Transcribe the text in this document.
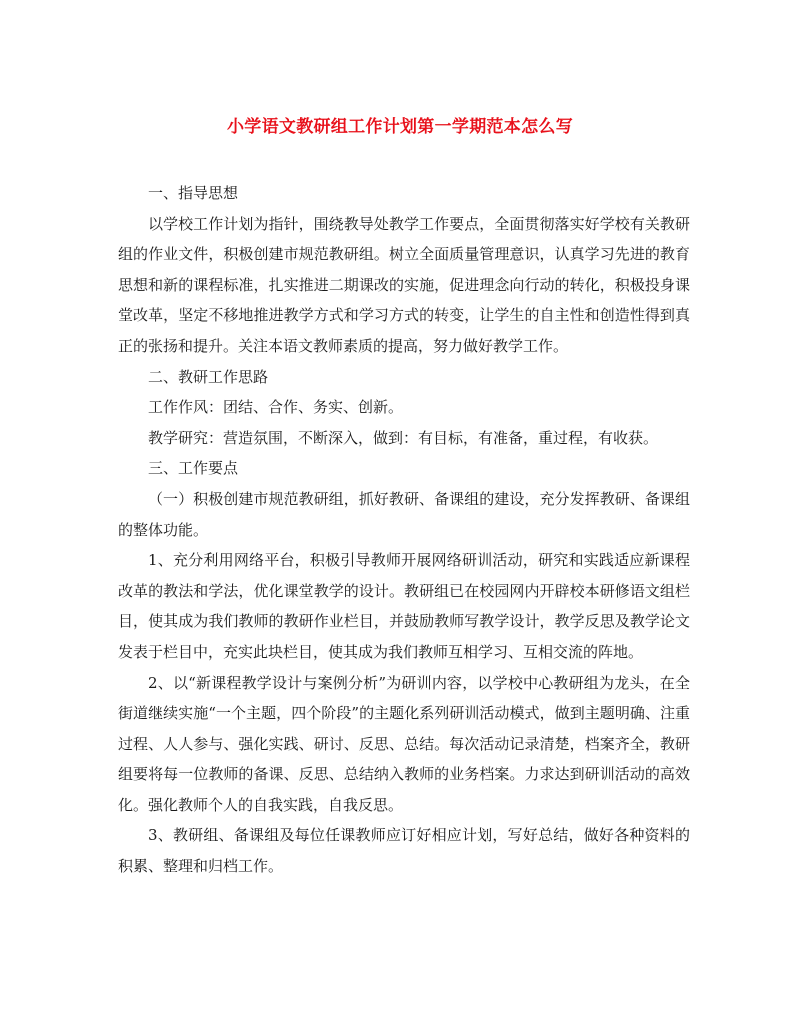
小学语文教研组工作计划第一学期范本怎么写

一、指导思想

以学校工作计划为指针，围绕教导处教学工作要点，全面贯彻落实好学校有关教研组的作业文件，积极创建市规范教研组。树立全面质量管理意识，认真学习先进的教育思想和新的课程标准，扎实推进二期课改的实施，促进理念向行动的转化，积极投身课堂改革，坚定不移地推进教学方式和学习方式的转变，让学生的自主性和创造性得到真正的张扬和提升。关注本语文教师素质的提高，努力做好教学工作。

二、教研工作思路

工作作风：团结、合作、务实、创新。

教学研究：营造氛围，不断深入，做到：有目标，有准备，重过程，有收获。

三、工作要点

（一）积极创建市规范教研组，抓好教研、备课组的建设，充分发挥教研、备课组的整体功能。

1、充分利用网络平台，积极引导教师开展网络研训活动，研究和实践适应新课程改革的教法和学法，优化课堂教学的设计。教研组已在校园网内开辟校本研修语文组栏目，使其成为我们教师的教研作业栏目，并鼓励教师写教学设计，教学反思及教学论文发表于栏目中，充实此块栏目，使其成为我们教师互相学习、互相交流的阵地。

2、以“新课程教学设计与案例分析”为研训内容，以学校中心教研组为龙头，在全街道继续实施“一个主题，四个阶段”的主题化系列研训活动模式，做到主题明确、注重过程、人人参与、强化实践、研讨、反思、总结。每次活动记录清楚，档案齐全，教研组要将每一位教师的备课、反思、总结纳入教师的业务档案。力求达到研训活动的高效化。强化教师个人的自我实践，自我反思。

3、教研组、备课组及每位任课教师应订好相应计划，写好总结，做好各种资料的积累、整理和归档工作。
